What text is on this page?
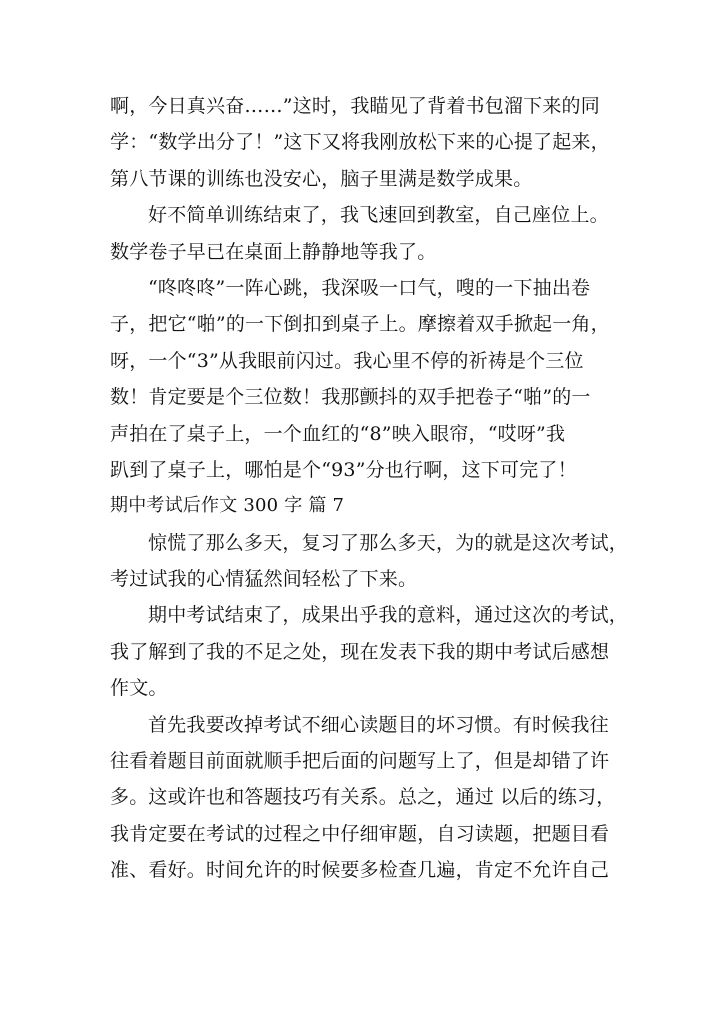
啊，今日真兴奋……”这时，我瞄见了背着书包溜下来的同
学：“数学出分了！”这下又将我刚放松下来的心提了起来，
第八节课的训练也没安心，脑子里满是数学成果。
好不简单训练结束了，我飞速回到教室，自己座位上。
数学卷子早已在桌面上静静地等我了。
“咚咚咚”一阵心跳，我深吸一口气，嗖的一下抽出卷
子，把它“啪”的一下倒扣到桌子上。摩擦着双手掀起一角，
呀，一个“3”从我眼前闪过。我心里不停的祈祷是个三位
数！肯定要是个三位数！我那颤抖的双手把卷子“啪”的一
声拍在了桌子上，一个血红的“8”映入眼帘，“哎呀”我
趴到了桌子上，哪怕是个“93”分也行啊，这下可完了！
期中考试后作文 300 字 篇 7
惊慌了那么多天，复习了那么多天，为的就是这次考试，
考过试我的心情猛然间轻松了下来。
期中考试结束了，成果出乎我的意料，通过这次的考试，
我了解到了我的不足之处，现在发表下我的期中考试后感想
作文。
首先我要改掉考试不细心读题目的坏习惯。有时候我往
往看着题目前面就顺手把后面的问题写上了，但是却错了许
多。这或许也和答题技巧有关系。总之，通过 以后的练习，
我肯定要在考试的过程之中仔细审题，自习读题，把题目看
准、看好。时间允许的时候要多检查几遍，肯定不允许自己
